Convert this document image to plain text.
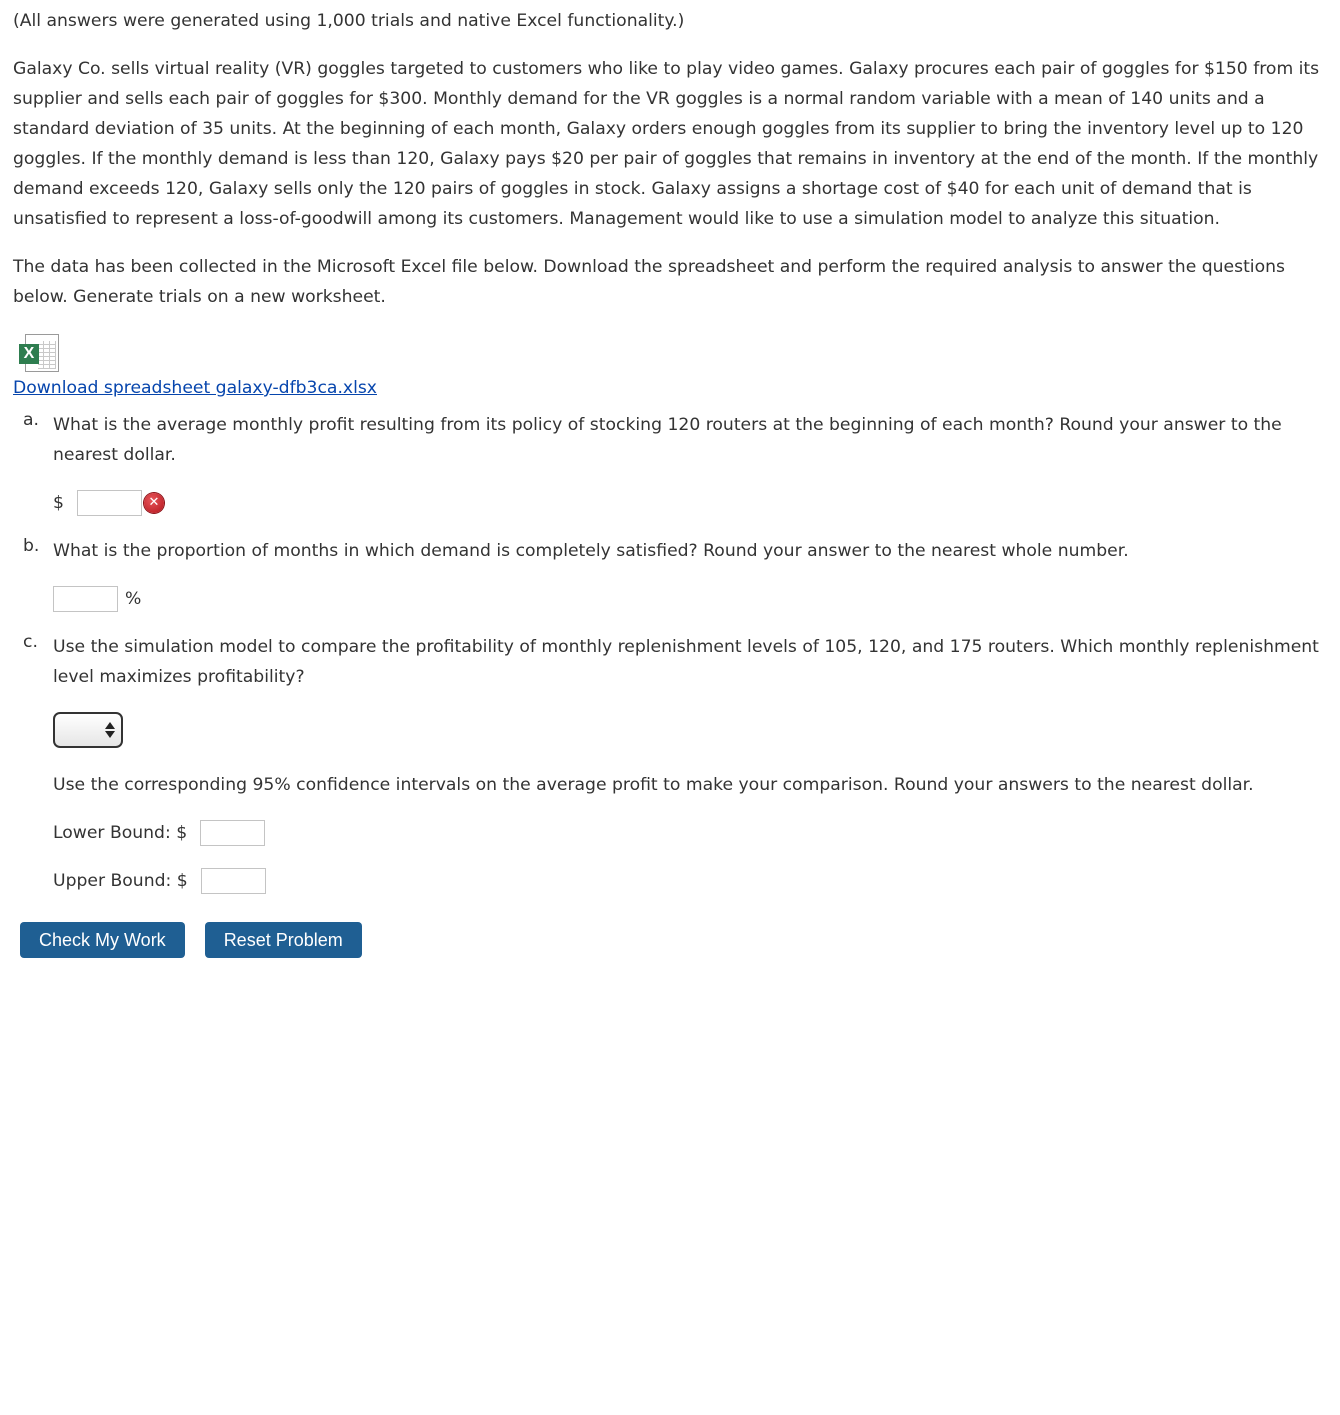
(All answers were generated using 1,000 trials and native Excel functionality.)

Galaxy Co. sells virtual reality (VR) goggles targeted to customers who like to play video games. Galaxy procures each pair of goggles for $150 from its supplier and sells each pair of goggles for $300. Monthly demand for the VR goggles is a normal random variable with a mean of 140 units and a standard deviation of 35 units. At the beginning of each month, Galaxy orders enough goggles from its supplier to bring the inventory level up to 120 goggles. If the monthly demand is less than 120, Galaxy pays $20 per pair of goggles that remains in inventory at the end of the month. If the monthly demand exceeds 120, Galaxy sells only the 120 pairs of goggles in stock. Galaxy assigns a shortage cost of $40 for each unit of demand that is unsatisfied to represent a loss-of-goodwill among its customers. Management would like to use a simulation model to analyze this situation.

The data has been collected in the Microsoft Excel file below. Download the spreadsheet and perform the required analysis to answer the questions below. Generate trials on a new worksheet.

X
Download spreadsheet galaxy-dfb3ca.xlsx
a. What is the average monthly profit resulting from its policy of stocking 120 routers at the beginning of each month? Round your answer to the nearest dollar.

$	✕
b. What is the proportion of months in which demand is completely satisfied? Round your answer to the nearest whole number.

%
c. Use the simulation model to compare the profitability of monthly replenishment levels of 105, 120, and 175 routers. Which monthly replenishment level maximizes profitability?

Use the corresponding 95% confidence intervals on the average profit to make your comparison. Round your answers to the nearest dollar.

Lower Bound: $
Upper Bound: $
Check My Work	Reset Problem
